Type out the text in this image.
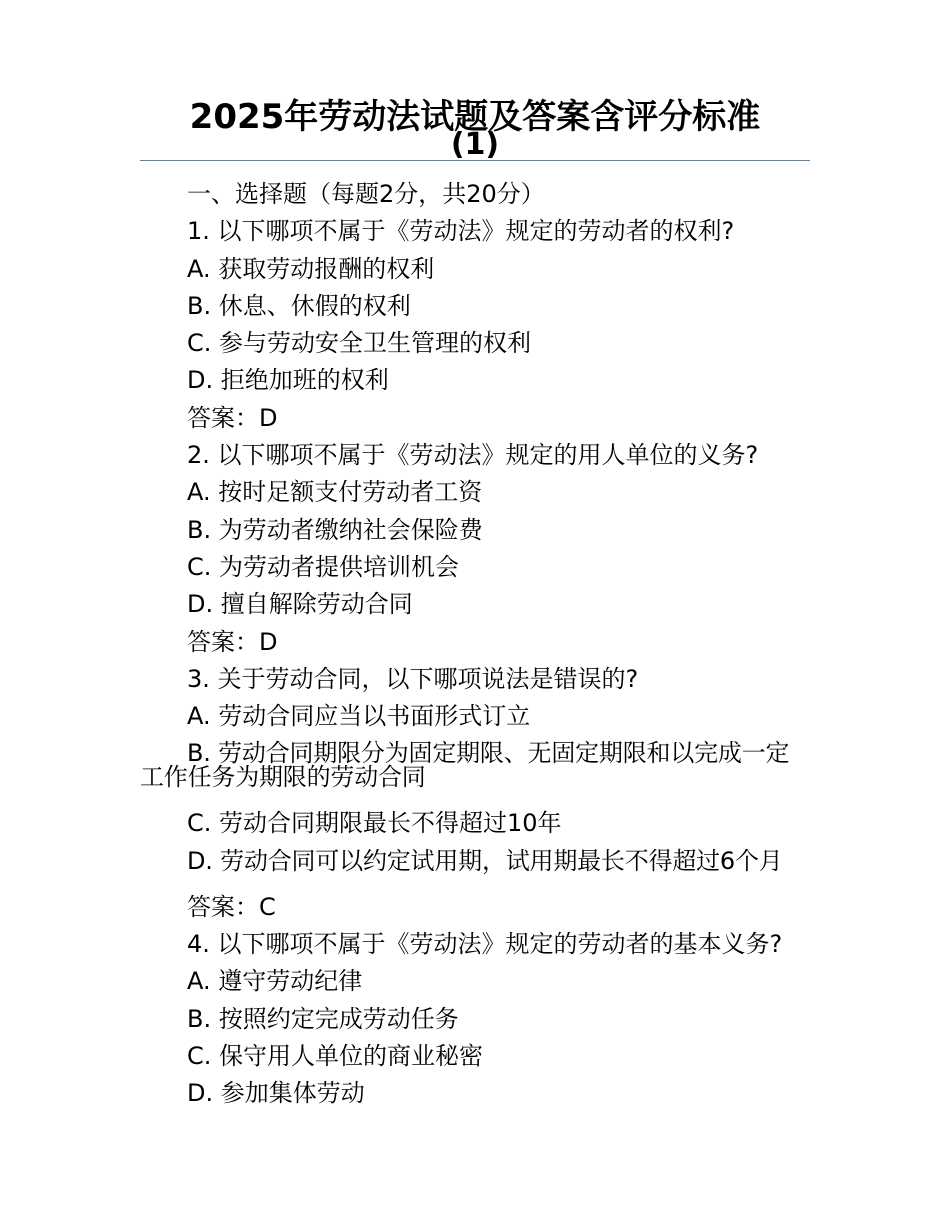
2025年劳动法试题及答案含评分标准
(1)
一、选择题（每题2分，共20分）
1. 以下哪项不属于《劳动法》规定的劳动者的权利?
A. 获取劳动报酬的权利
B. 休息、休假的权利
C. 参与劳动安全卫生管理的权利
D. 拒绝加班的权利
答案：D
2. 以下哪项不属于《劳动法》规定的用人单位的义务?
A. 按时足额支付劳动者工资
B. 为劳动者缴纳社会保险费
C. 为劳动者提供培训机会
D. 擅自解除劳动合同
答案：D
3. 关于劳动合同，以下哪项说法是错误的?
A. 劳动合同应当以书面形式订立
B. 劳动合同期限分为固定期限、无固定期限和以完成一定工作任务为期限的劳动合同
C. 劳动合同期限最长不得超过10年
D. 劳动合同可以约定试用期，试用期最长不得超过6个月
答案：C
4. 以下哪项不属于《劳动法》规定的劳动者的基本义务?
A. 遵守劳动纪律
B. 按照约定完成劳动任务
C. 保守用人单位的商业秘密
D. 参加集体劳动
